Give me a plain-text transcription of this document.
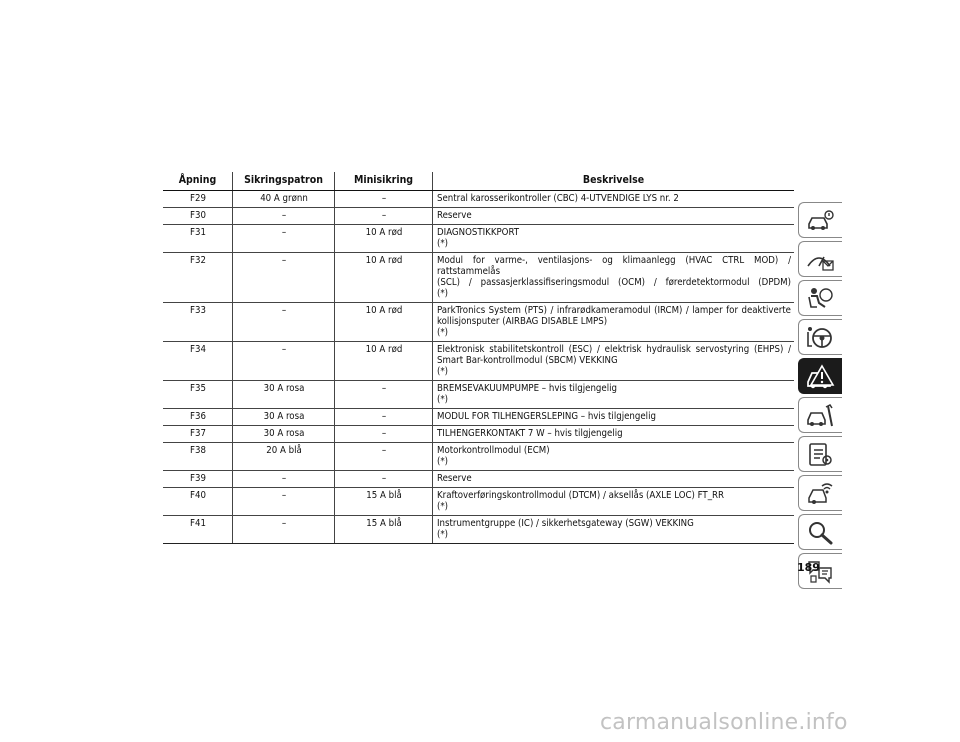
Åpning	Sikringspatron	Minisikring	Beskrivelse
F29	40 A grønn	–	Sentral karosserikontroller (CBC) 4-UTVENDIGE LYS nr. 2

F30	–	–	Reserve

F31	–	10 A rød	DIAGNOSTIKKPORT
(*)

F32	–	10 A rød	Modul for varme-, ventilasjons- og klimaanlegg (HVAC CTRL MOD) / rattstammelås
(SCL) / passasjerklassifiseringsmodul (OCM) / førerdetektormodul (DPDM)
(*)

F33	–	10 A rød	ParkTronics System (PTS) / infrarødkameramodul (IRCM) / lamper for deaktiverte
kollisjonsputer (AIRBAG DISABLE LMPS)
(*)

F34	–	10 A rød	Elektronisk stabilitetskontroll (ESC) / elektrisk hydraulisk servostyring (EHPS) /
Smart Bar-kontrollmodul (SBCM) VEKKING
(*)

F35	30 A rosa	–	BREMSEVAKUUMPUMPE – hvis tilgjengelig
(*)

F36	30 A rosa	–	MODUL FOR TILHENGERSLEPING – hvis tilgjengelig

F37	30 A rosa	–	TILHENGERKONTAKT 7 W – hvis tilgjengelig

F38	20 A blå	–	Motorkontrollmodul (ECM)
(*)

F39	–	–	Reserve

F40	–	15 A blå	Kraftoverføringskontrollmodul (DTCM) / aksellås (AXLE LOC) FT_RR
(*)

F41	–	15 A blå	Instrumentgruppe (IC) / sikkerhetsgateway (SGW) VEKKING
(*)
189
carmanualsonline.info
